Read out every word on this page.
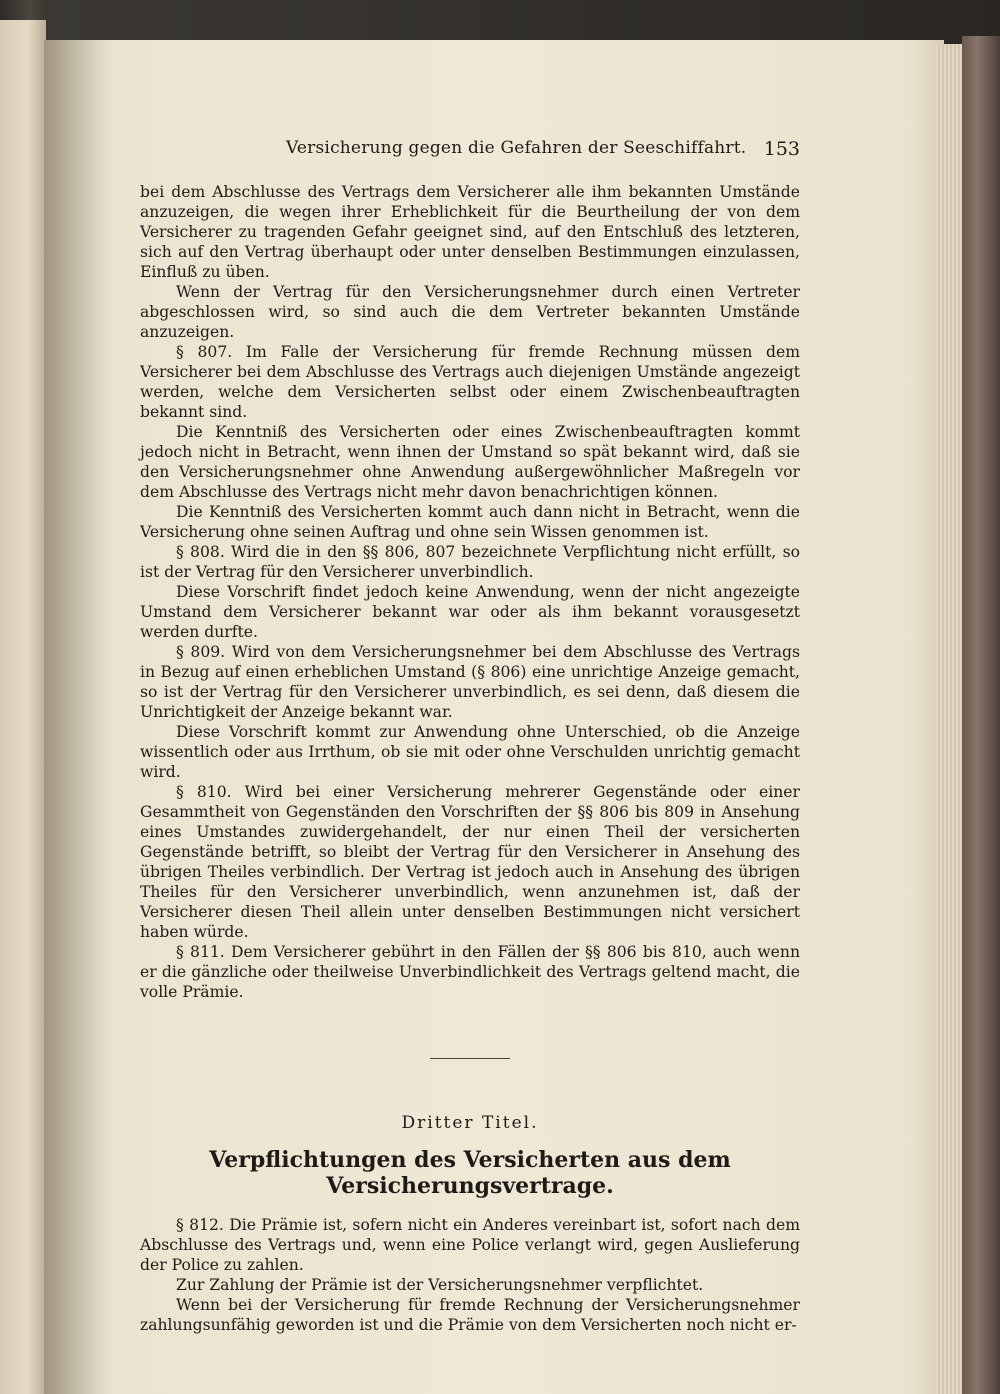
Versicherung gegen die Gefahren der Seeschiffahrt. 153

bei dem Abschlusse des Vertrags dem Versicherer alle ihm bekannten Umstände anzuzeigen, die wegen ihrer Erheblichkeit für die Beurtheilung der von dem Versicherer zu tragenden Gefahr geeignet sind, auf den Entschluß des letzteren, sich auf den Vertrag überhaupt oder unter denselben Bestimmungen einzulassen, Einfluß zu üben.

Wenn der Vertrag für den Versicherungsnehmer durch einen Vertreter abgeschlossen wird, so sind auch die dem Vertreter bekannten Umstände anzuzeigen.

§ 807. Im Falle der Versicherung für fremde Rechnung müssen dem Versicherer bei dem Abschlusse des Vertrags auch diejenigen Umstände angezeigt werden, welche dem Versicherten selbst oder einem Zwischenbeauftragten bekannt sind.

Die Kenntniß des Versicherten oder eines Zwischenbeauftragten kommt jedoch nicht in Betracht, wenn ihnen der Umstand so spät bekannt wird, daß sie den Versicherungsnehmer ohne Anwendung außergewöhnlicher Maßregeln vor dem Abschlusse des Vertrags nicht mehr davon benachrichtigen können.

Die Kenntniß des Versicherten kommt auch dann nicht in Betracht, wenn die Versicherung ohne seinen Auftrag und ohne sein Wissen genommen ist.

§ 808. Wird die in den §§ 806, 807 bezeichnete Verpflichtung nicht erfüllt, so ist der Vertrag für den Versicherer unverbindlich.

Diese Vorschrift findet jedoch keine Anwendung, wenn der nicht angezeigte Umstand dem Versicherer bekannt war oder als ihm bekannt vorausgesetzt werden durfte.

§ 809. Wird von dem Versicherungsnehmer bei dem Abschlusse des Vertrags in Bezug auf einen erheblichen Umstand (§ 806) eine unrichtige Anzeige gemacht, so ist der Vertrag für den Versicherer unverbindlich, es sei denn, daß diesem die Unrichtigkeit der Anzeige bekannt war.

Diese Vorschrift kommt zur Anwendung ohne Unterschied, ob die Anzeige wissentlich oder aus Irrthum, ob sie mit oder ohne Verschulden unrichtig gemacht wird.

§ 810. Wird bei einer Versicherung mehrerer Gegenstände oder einer Gesammtheit von Gegenständen den Vorschriften der §§ 806 bis 809 in Ansehung eines Umstandes zuwidergehandelt, der nur einen Theil der versicherten Gegenstände betrifft, so bleibt der Vertrag für den Versicherer in Ansehung des übrigen Theiles verbindlich. Der Vertrag ist jedoch auch in Ansehung des übrigen Theiles für den Versicherer unverbindlich, wenn anzunehmen ist, daß der Versicherer diesen Theil allein unter denselben Bestimmungen nicht versichert haben würde.

§ 811. Dem Versicherer gebührt in den Fällen der §§ 806 bis 810, auch wenn er die gänzliche oder theilweise Unverbindlichkeit des Vertrags geltend macht, die volle Prämie.

Dritter Titel.
Verpflichtungen des Versicherten aus dem Versicherungsvertrage.

§ 812. Die Prämie ist, sofern nicht ein Anderes vereinbart ist, sofort nach dem Abschlusse des Vertrags und, wenn eine Police verlangt wird, gegen Auslieferung der Police zu zahlen.

Zur Zahlung der Prämie ist der Versicherungsnehmer verpflichtet.

Wenn bei der Versicherung für fremde Rechnung der Versicherungsnehmer zahlungsunfähig geworden ist und die Prämie von dem Versicherten noch nicht er-
